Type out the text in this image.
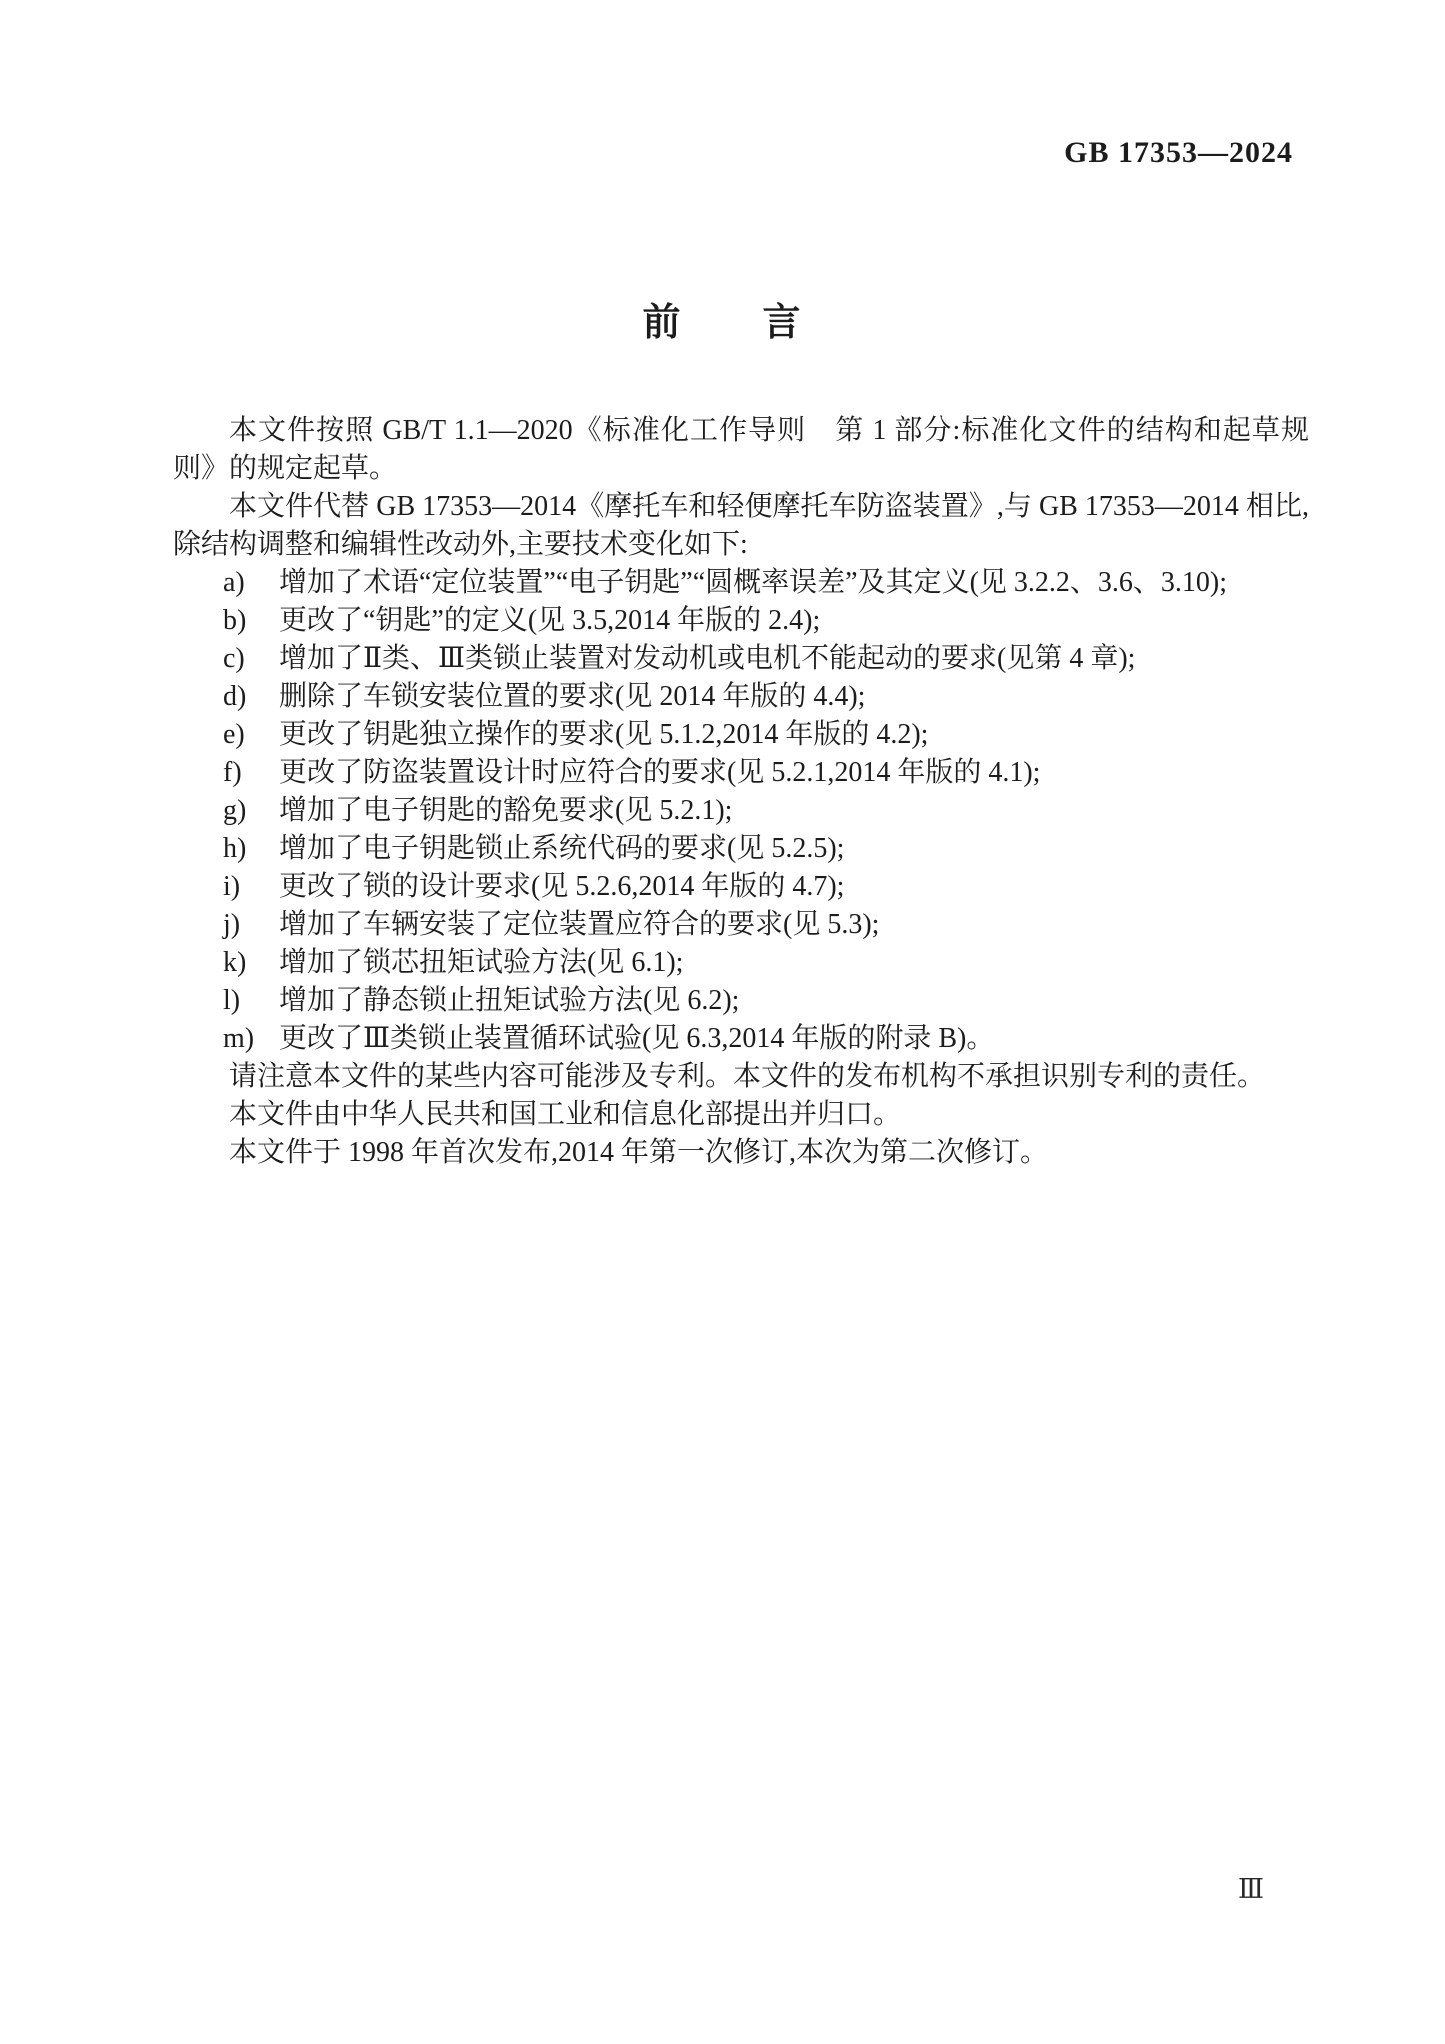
GB 17353—2024
前　　言

本文件按照 GB/T 1.1—2020《标准化工作导则　第 1 部分:标准化文件的结构和起草规则》的规定起草。

本文件代替 GB 17353—2014《摩托车和轻便摩托车防盗装置》,与 GB 17353—2014 相比,除结构调整和编辑性改动外,主要技术变化如下:

a)	增加了术语“定位装置”“电子钥匙”“圆概率误差”及其定义(见 3.2.2、3.6、3.10);
b)	更改了“钥匙”的定义(见 3.5,2014 年版的 2.4);
c)	增加了Ⅱ类、Ⅲ类锁止装置对发动机或电机不能起动的要求(见第 4 章);
d)	删除了车锁安装位置的要求(见 2014 年版的 4.4);
e)	更改了钥匙独立操作的要求(见 5.1.2,2014 年版的 4.2);
f)	更改了防盗装置设计时应符合的要求(见 5.2.1,2014 年版的 4.1);
g)	增加了电子钥匙的豁免要求(见 5.2.1);
h)	增加了电子钥匙锁止系统代码的要求(见 5.2.5);
i)	更改了锁的设计要求(见 5.2.6,2014 年版的 4.7);
j)	增加了车辆安装了定位装置应符合的要求(见 5.3);
k)	增加了锁芯扭矩试验方法(见 6.1);
l)	增加了静态锁止扭矩试验方法(见 6.2);
m) 更改了Ⅲ类锁止装置循环试验(见 6.3,2014 年版的附录 B)。

请注意本文件的某些内容可能涉及专利。本文件的发布机构不承担识别专利的责任。

本文件由中华人民共和国工业和信息化部提出并归口。

本文件于 1998 年首次发布,2014 年第一次修订,本次为第二次修订。

Ⅲ
